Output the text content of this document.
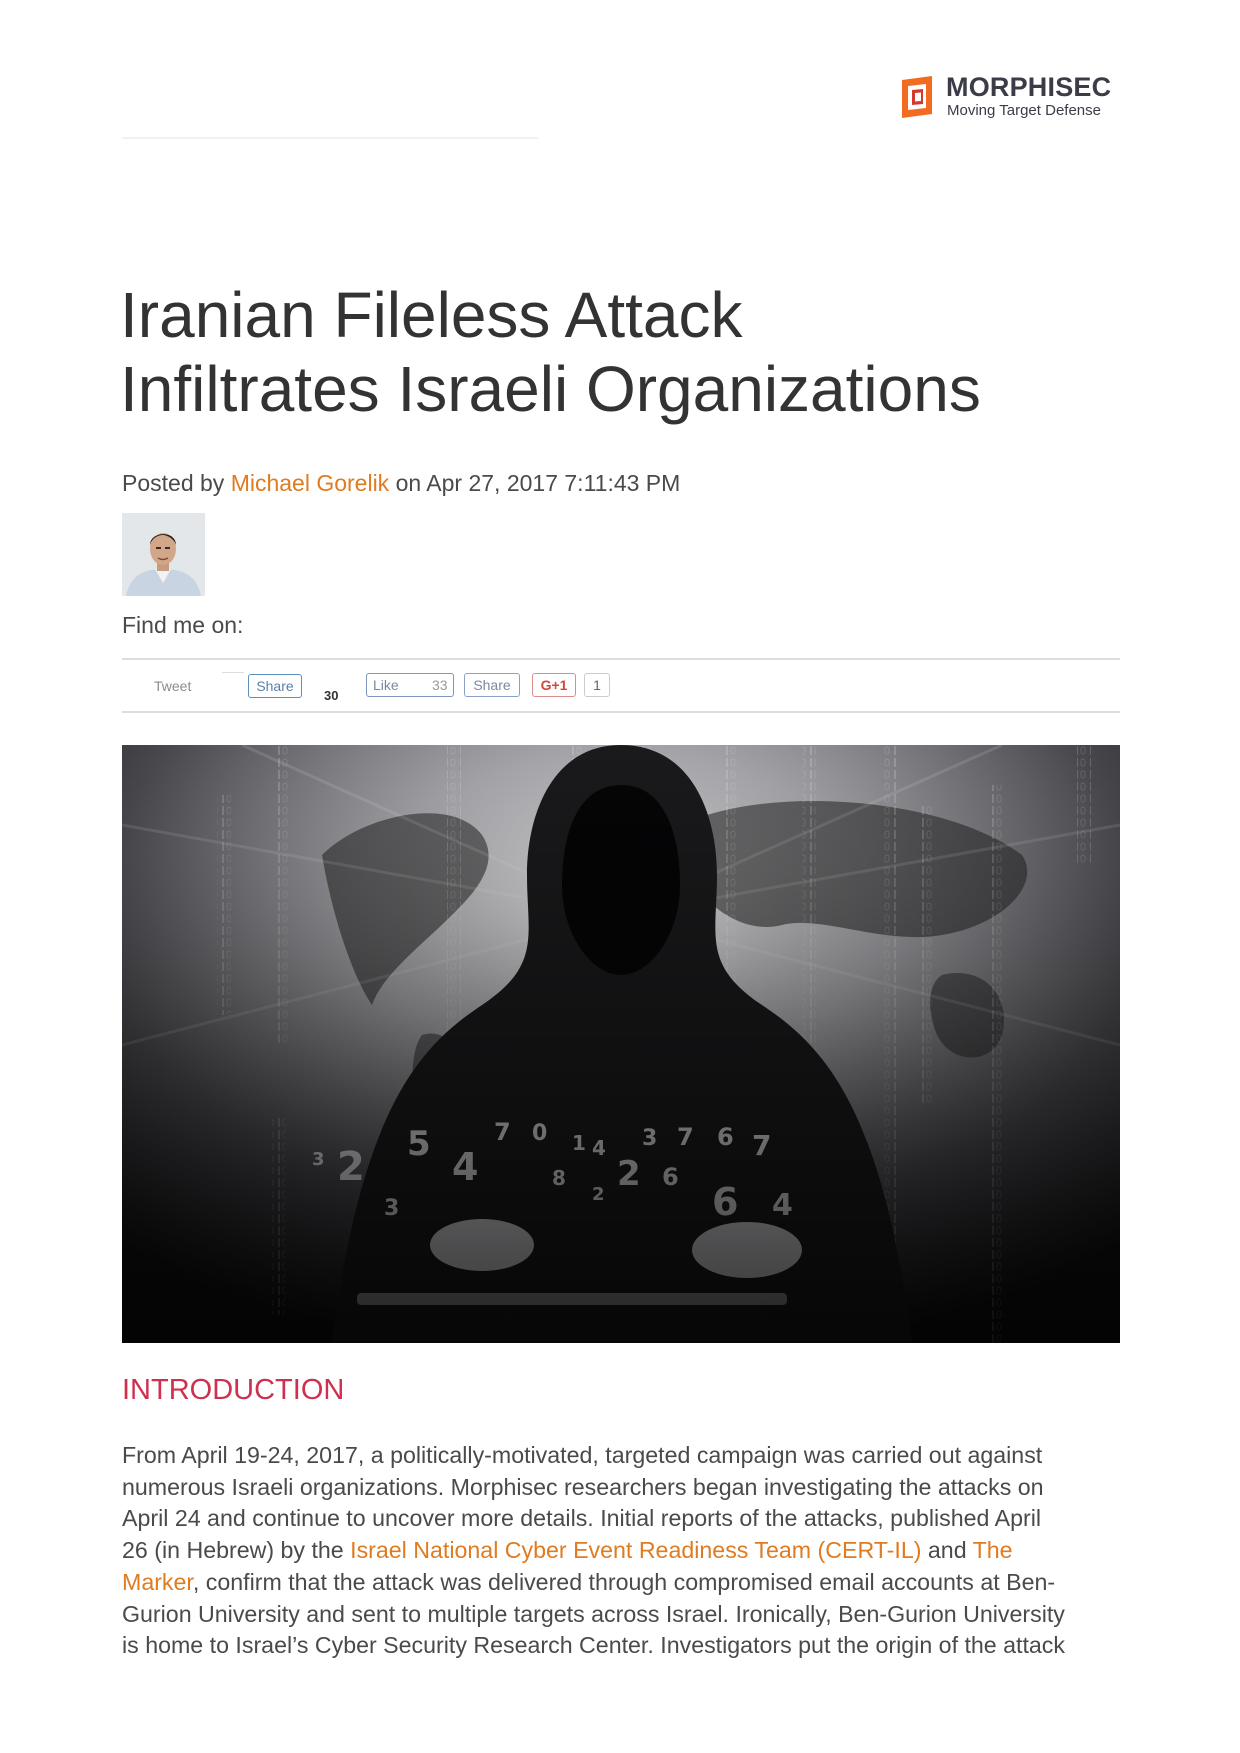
MORPHISEC
Moving Target Defense
Iranian Fileless Attack
Infiltrates Israeli Organizations
Posted by Michael Gorelik on Apr 27, 2017 7:11:43 PM
Find me on:
Tweet	Share
30
Like 33	Share	G+1	1
INTRODUCTION
From April 19-24, 2017, a politically-motivated, targeted campaign was carried out against
numerous Israeli organizations. Morphisec researchers began investigating the attacks on
April 24 and continue to uncover more details. Initial reports of the attacks, published April
26 (in Hebrew) by the Israel National Cyber Event Readiness Team (CERT-IL) and The
Marker, confirm that the attack was delivered through compromised email accounts at Ben-
Gurion University and sent to multiple targets across Israel. Ironically, Ben-Gurion University
is home to Israel’s Cyber Security Research Center. Investigators put the origin of the attack
